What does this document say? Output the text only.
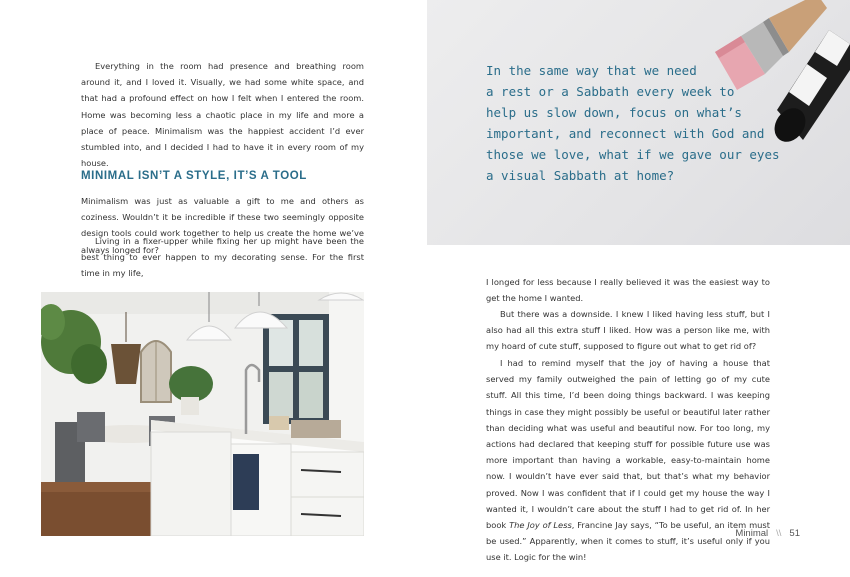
Everything in the room had presence and breathing room around it, and I loved it. Visually, we had some white space, and that had a profound effect on how I felt when I entered the room. Home was becoming less a chaotic place in my life and more a place of peace. Minimalism was the happiest accident I’d ever stumbled into, and I decided I had to have it in every room of my house.

MINIMAL ISN’T A STYLE, IT’S A TOOL

Minimalism was just as valuable a gift to me and others as coziness. Wouldn’t it be incredible if these two seemingly opposite design tools could work together to help us create the home we’ve always longed for?

Living in a fixer-upper while fixing her up might have been the best thing to ever happen to my decorating sense. For the first time in my life,

In the same way that we need
a rest or a Sabbath every week to
help us slow down, focus on what’s
important, and reconnect with God and
those we love, what if we gave our eyes
a visual Sabbath at home?

I longed for less because I really believed it was the easiest way to get the home I wanted.

But there was a downside. I knew I liked having less stuff, but I also had all this extra stuff I liked. How was a person like me, with my hoard of cute stuff, supposed to figure out what to get rid of?

I had to remind myself that the joy of having a house that served my family outweighed the pain of letting go of my cute stuff. All this time, I’d been doing things backward. I was keeping things in case they might possibly be useful or beautiful later rather than deciding what was useful and beautiful now. For too long, my actions had declared that keeping stuff for possible future use was more important than having a workable, easy-to-maintain home now. I wouldn’t have ever said that, but that’s what my behavior proved. Now I was confident that if I could get my house the way I wanted it, I wouldn’t care about the stuff I had to get rid of. In her book The Joy of Less, Francine Jay says, “To be useful, an item must be used.” Apparently, when it comes to stuff, it’s useful only if you use it. Logic for the win!

Minimal \\ 51
